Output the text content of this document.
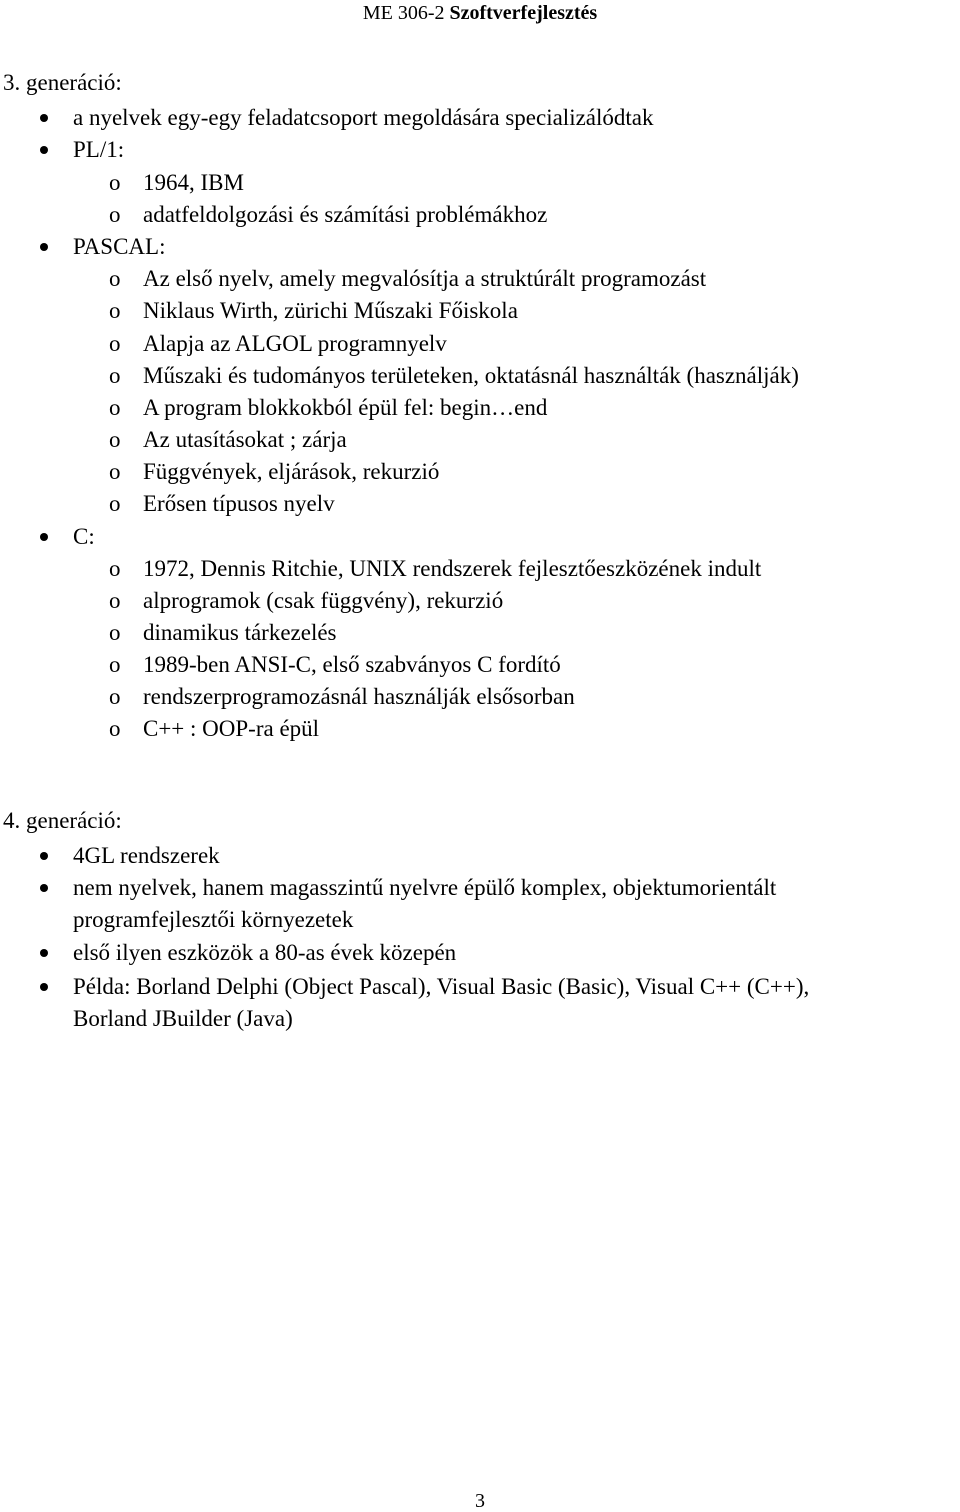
ME 306-2 Szoftverfejlesztés
3. generáció:
a nyelvek egy-egy feladatcsoport megoldására specializálódtak
PL/1:
o 1964, IBM
o adatfeldolgozási és számítási problémákhoz
PASCAL:
o Az első nyelv, amely megvalósítja a struktúrált programozást
o Niklaus Wirth, zürichi Műszaki Főiskola
o Alapja az ALGOL programnyelv
o Műszaki és tudományos területeken, oktatásnál használták (használják)
o A program blokkokból épül fel: begin…end
o Az utasításokat ; zárja
o Függvények, eljárások, rekurzió
o Erősen típusos nyelv
C:
o 1972, Dennis Ritchie, UNIX rendszerek fejlesztőeszközének indult
o alprogramok (csak függvény), rekurzió
o dinamikus tárkezelés
o 1989-ben ANSI-C, első szabványos C fordító
o rendszerprogramozásnál használják elsősorban
o C++ : OOP-ra épül
4. generáció:
4GL rendszerek
nem nyelvek, hanem magasszintű nyelvre épülő komplex, objektumorientált
programfejlesztői környezetek
első ilyen eszközök a 80-as évek közepén
Példa: Borland Delphi (Object Pascal), Visual Basic (Basic), Visual C++ (C++),
Borland JBuilder (Java)
3
